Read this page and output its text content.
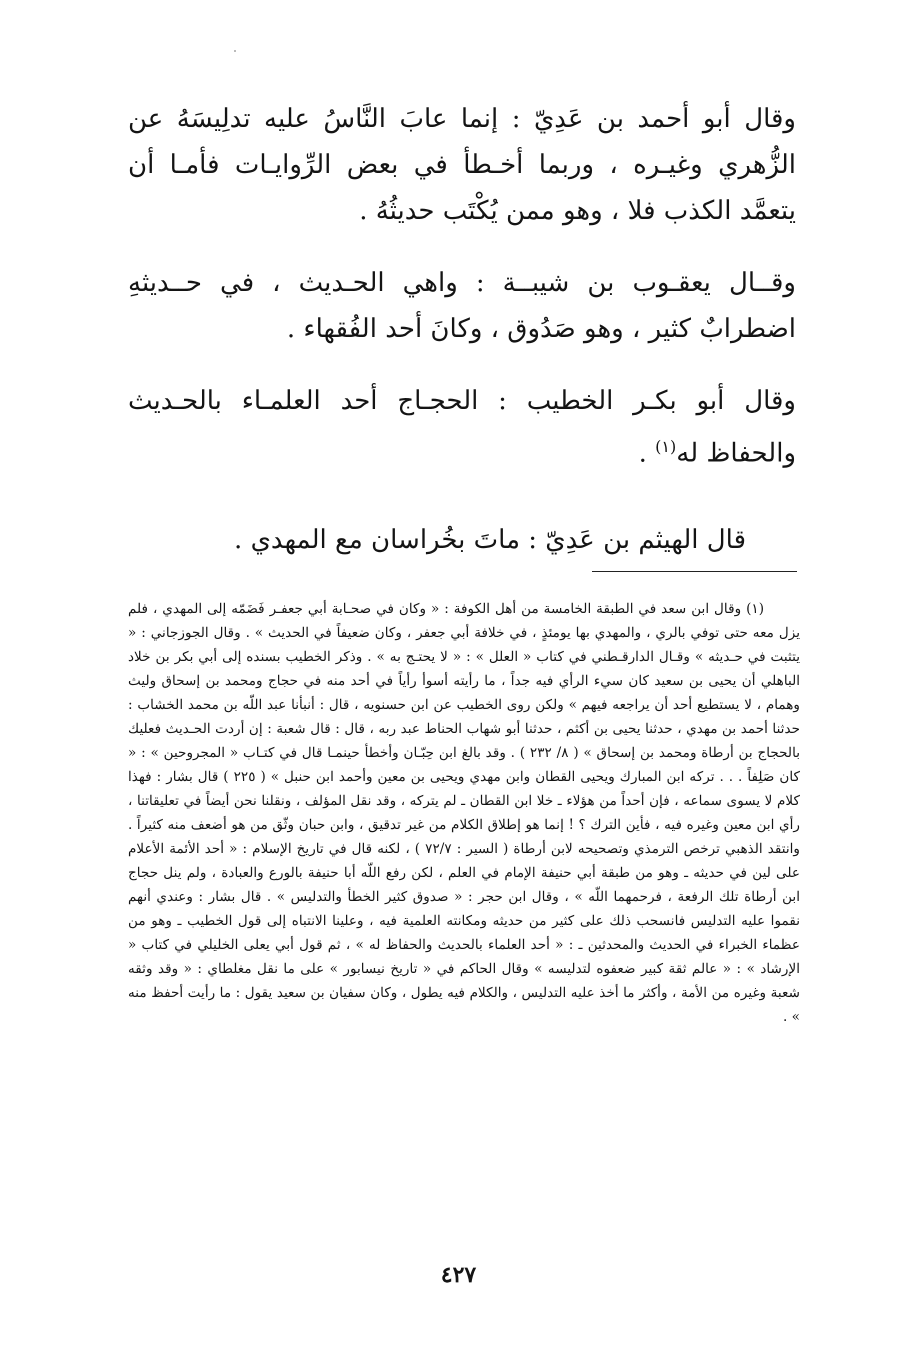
وقال أبو أحمد بن عَدِيّ : إنما عابَ النَّاسُ عليه تدلِيسَهُ عن الزُّهري وغيـره ، وربما أخـطأ في بعض الرِّوايـات فأمـا أن يتعمَّد الكذب فلا ، وهو ممن يُكْتَب حديثُهُ .

وقــال يعقـوب بن شيبــة : واهي الحـديث ، في حــديثهِ اضطرابٌ كثير ، وهو صَدُوق ، وكانَ أحد الفُقهاء .

وقال أبو بكـر الخطيب : الحجـاج أحد العلمـاء بالحـديث والحفاظ له$^{(١)}$ .

قال الهيثم بن عَدِيّ : ماتَ بخُراسان مع المهدي .

(١) وقال ابن سعد في الطبقة الخامسة من أهل الكوفة : « وكان في صحـابة أبي جعفـر فَضَمّه إلى المهدي ، فلم يزل معه حتى توفي بالري ، والمهدي بها يومئذٍ ، في خلافة أبي جعفر ، وكان ضعيفاً في الحديث » . وقال الجوزجاني : « يتثبت في حـديثه » وقـال الدارقـطني في كتاب « العلل » : « لا يحتـج به » . وذكر الخطيب بسنده إلى أبي بكر بن خلاد الباهلي أن يحيى بن سعيد كان سيء الرأي فيه جداً ، ما رأيته أسوأ رأياً في أحد منه في حجاج ومحمد بن إسحاق وليث وهمام ، لا يستطيع أحد أن يراجعه فيهم » ولكن روى الخطيب عن ابن حسنويه ، قال : أنبأنا عبد اللّه بن محمد الخشاب : حدثنا أحمد بن مهدي ، حدثنا يحيى بن أكثم ، حدثنا أبو شهاب الحناط عبد ربه ، قال : قال شعبة : إن أردت الحـديث فعليك بالحجاج بن أرطاة ومحمد بن إسحاق » ( ٨/ ٢٣٢ ) . وقد بالغ ابن حِبّـان وأخطأ حينمـا قال في كتـاب « المجروحين » : « كان صَلِفاً . . . تركه ابن المبارك ويحيى القطان وابن مهدي ويحيى بن معين وأحمد ابن حنبل » ( ٢٢٥ ) قال بشار : فهذا كلام لا يسوى سماعه ، فإن أحداً من هؤلاء ـ خلا ابن القطان ـ لم يتركه ، وقد نقل المؤلف ، ونقلنا نحن أيضاً في تعليقاتنا ، رأي ابن معين وغيره فيه ، فأين الترك ؟ ! إنما هو إطلاق الكلام من غير تدقيق ، وابن حبان وثّق من هو أضعف منه كثيراً . وانتقد الذهبي ترخص الترمذي وتصحيحه لابن أرطاة ( السير : ٧٢/٧ ) ، لكنه قال في تاريخ الإسلام : « أحد الأئمة الأعلام على لين في حديثه ـ وهو من طبقة أبي حنيفة الإمام في العلم ، لكن رفع اللّه أبا حنيفة بالورع والعبادة ، ولم ينل حجاج ابن أرطاة تلك الرفعة ، فرحمهما اللّه » ، وقال ابن حجر : « صدوق كثير الخطأ والتدليس » . قال بشار : وعندي أنهم نقموا عليه التدليس فانسحب ذلك على كثير من حديثه ومكانته العلمية فيه ، وعلينا الانتباه إلى قول الخطيب ـ وهو من عظماء الخبراء في الحديث والمحدثين ـ : « أحد العلماء بالحديث والحفاظ له » ، ثم قول أبي يعلى الخليلي في كتاب « الإرشاد » : « عالم ثقة كبير ضعفوه لتدليسه » وقال الحاكم في « تاريخ نيسابور » على ما نقل مغلطاي : « وقد وثقه شعبة وغيره من الأمة ، وأكثر ما أخذ عليه التدليس ، والكلام فيه يطول ، وكان سفيان بن سعيد يقول : ما رأيت أحفظ منه » .

٤٢٧
